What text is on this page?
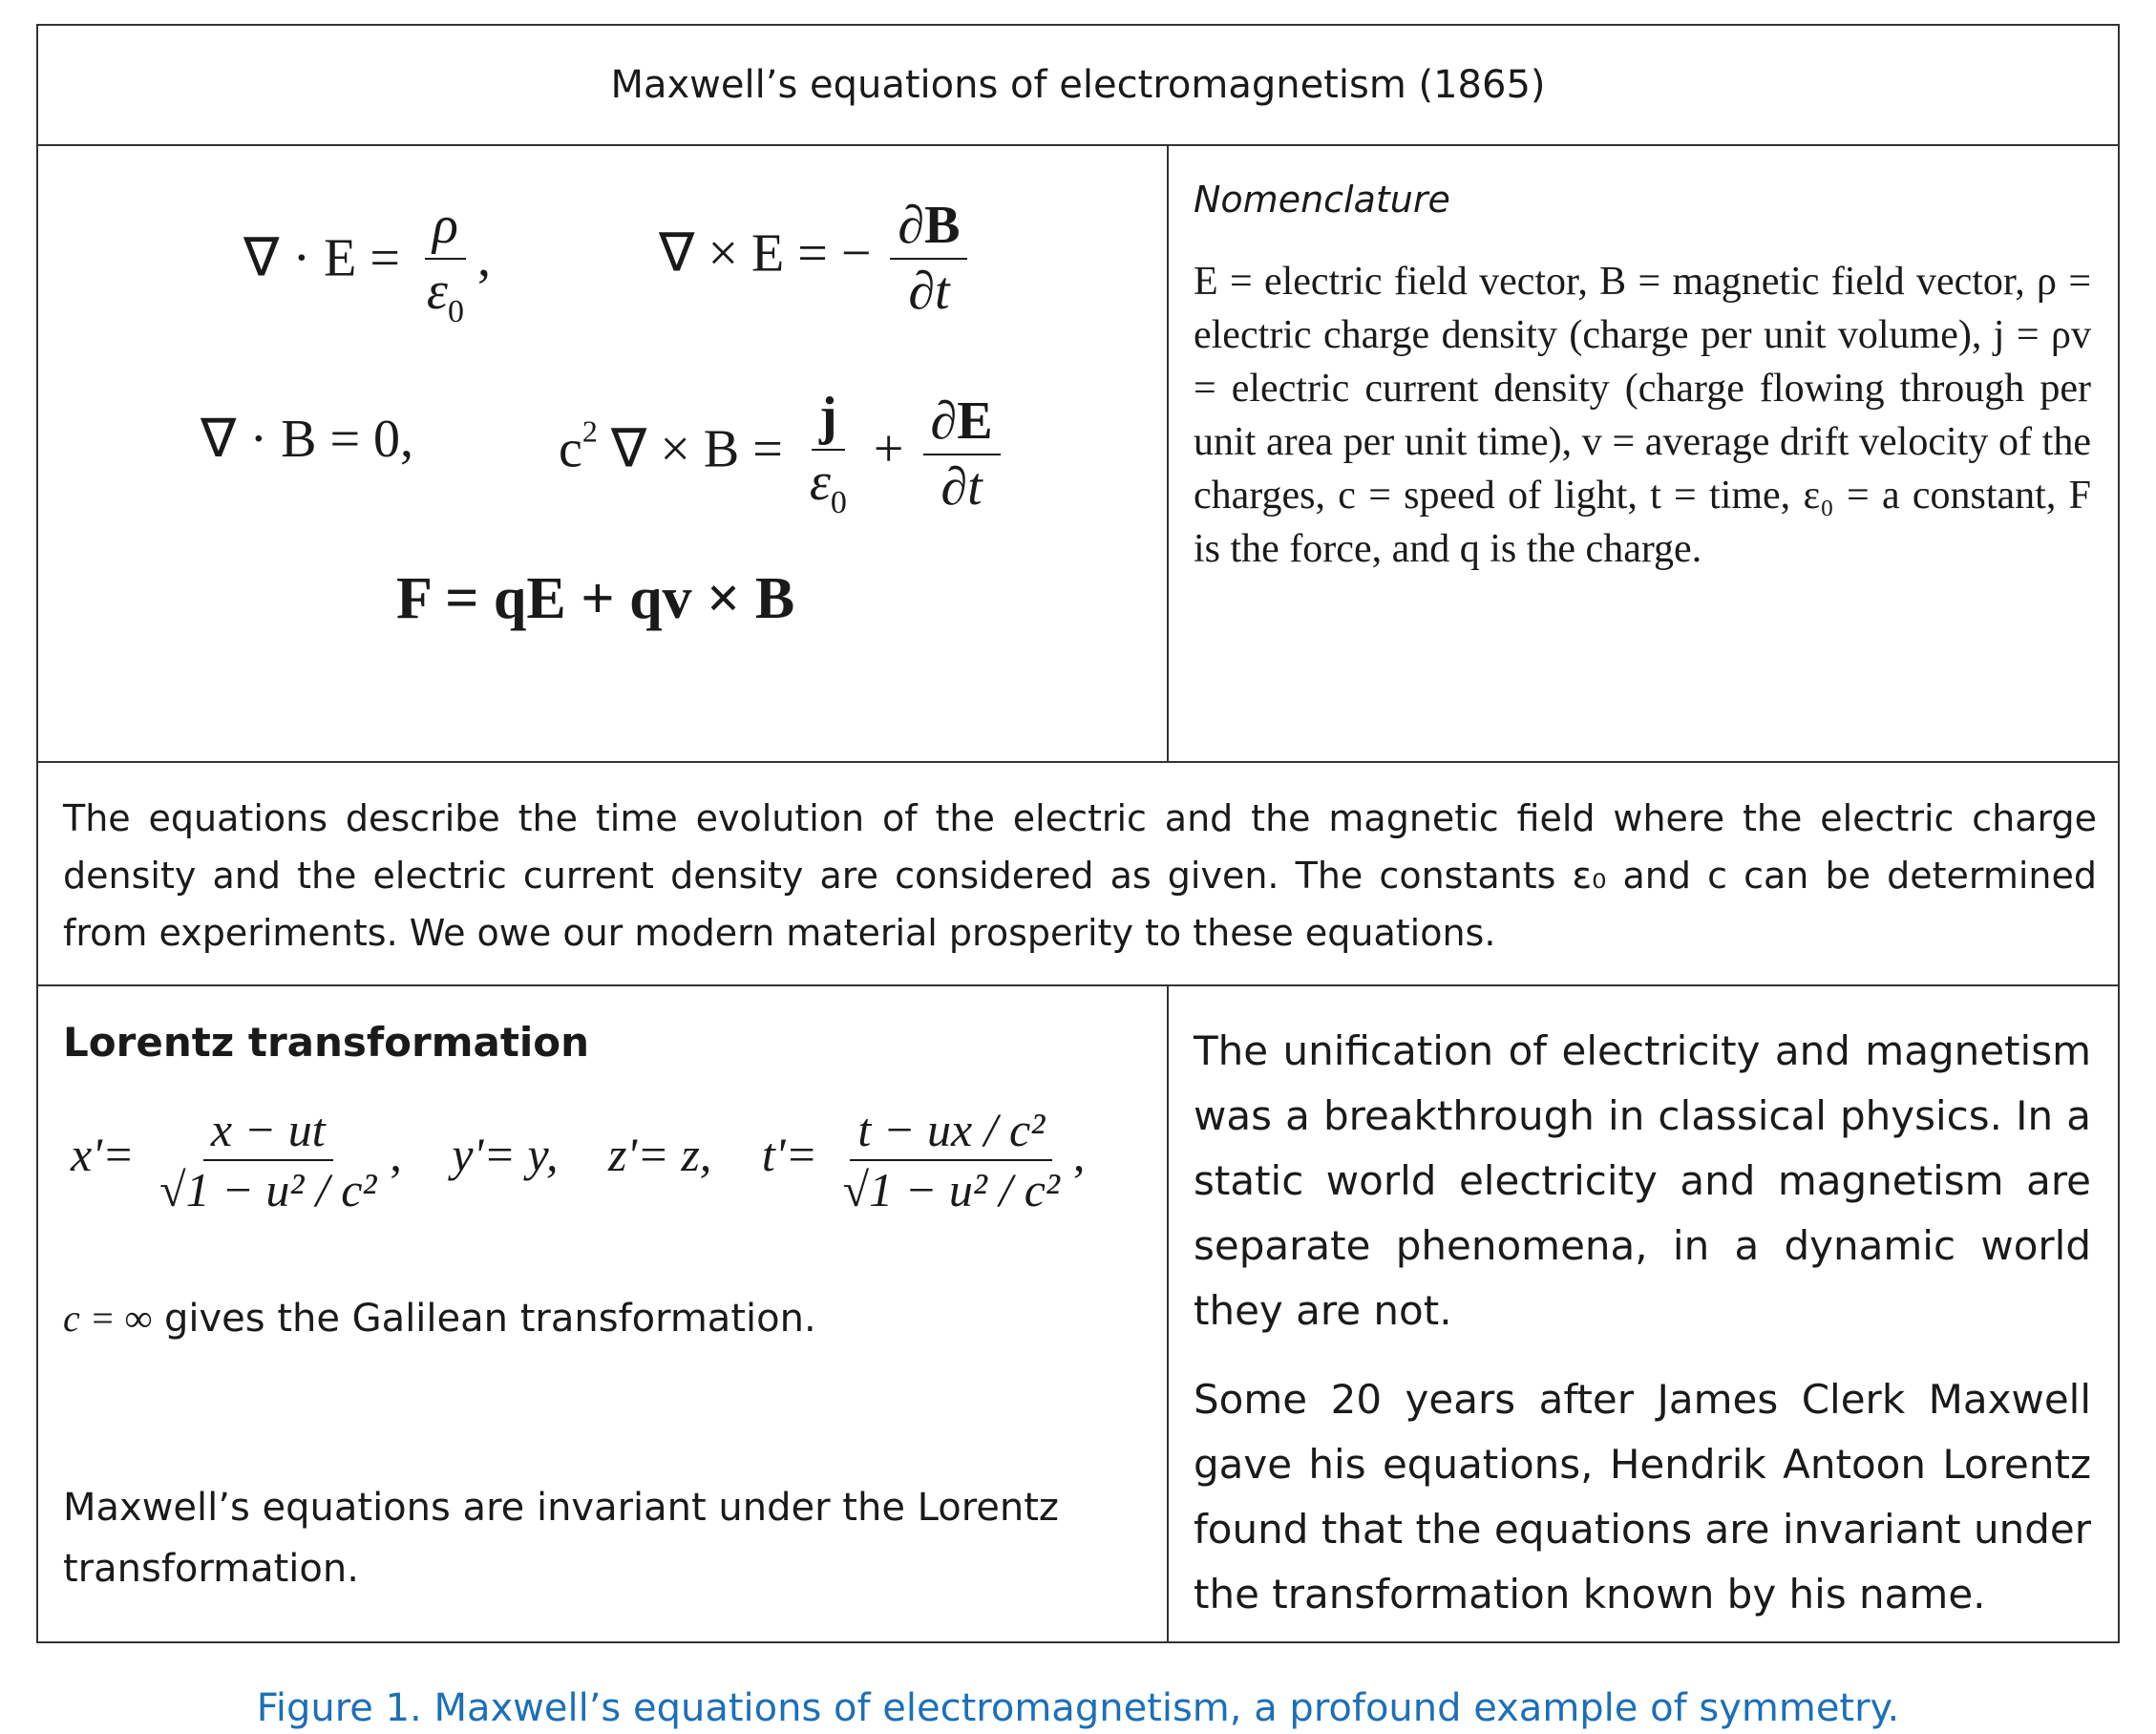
Maxwell’s equations of electromagnetism (1865)
∇ · $E = \frac{\rho}{\varepsilon_0}$ ,	∇ × E = − $\frac{\partial B}{\partial t}$
∇ · B = 0,	$c^2$ ∇ × $B = \frac{j}{\varepsilon_0} + \frac{\partial E}{\partial t}$
F = qE + qv × B
Nomenclature
E = electric field vector, B = magnetic field vector, ρ = electric charge density (charge per unit volume), j = ρv = electric current density (charge flowing through per unit area per unit time), v = average drift velocity of the charges, c = speed of light, t = time, ε₀ = a constant, F is the force, and q is the charge.
The equations describe the time evolution of the electric and the magnetic field where the electric charge density and the electric current density are considered as given. The constants ε₀ and c can be determined from experiments. We owe our modern material prosperity to these equations.
Lorentz transformation
$x'= \frac{x - ut}{\text{√1 − u² / c²}}$ , y'= y, z'= z, $t'= \frac{\text{t − ux / c²}}{\text{√1 − u² / c²}}$ ,
c = ∞ gives the Galilean transformation.
Maxwell’s equations are invariant under the Lorentz transformation.
The unification of electricity and magnetism was a breakthrough in classical physics. In a static world electricity and magnetism are separate phenomena, in a dynamic world they are not.
Some 20 years after James Clerk Maxwell gave his equations, Hendrik Antoon Lorentz found that the equations are invariant under the transformation known by his name.
Figure 1. Maxwell’s equations of electromagnetism, a profound example of symmetry.
